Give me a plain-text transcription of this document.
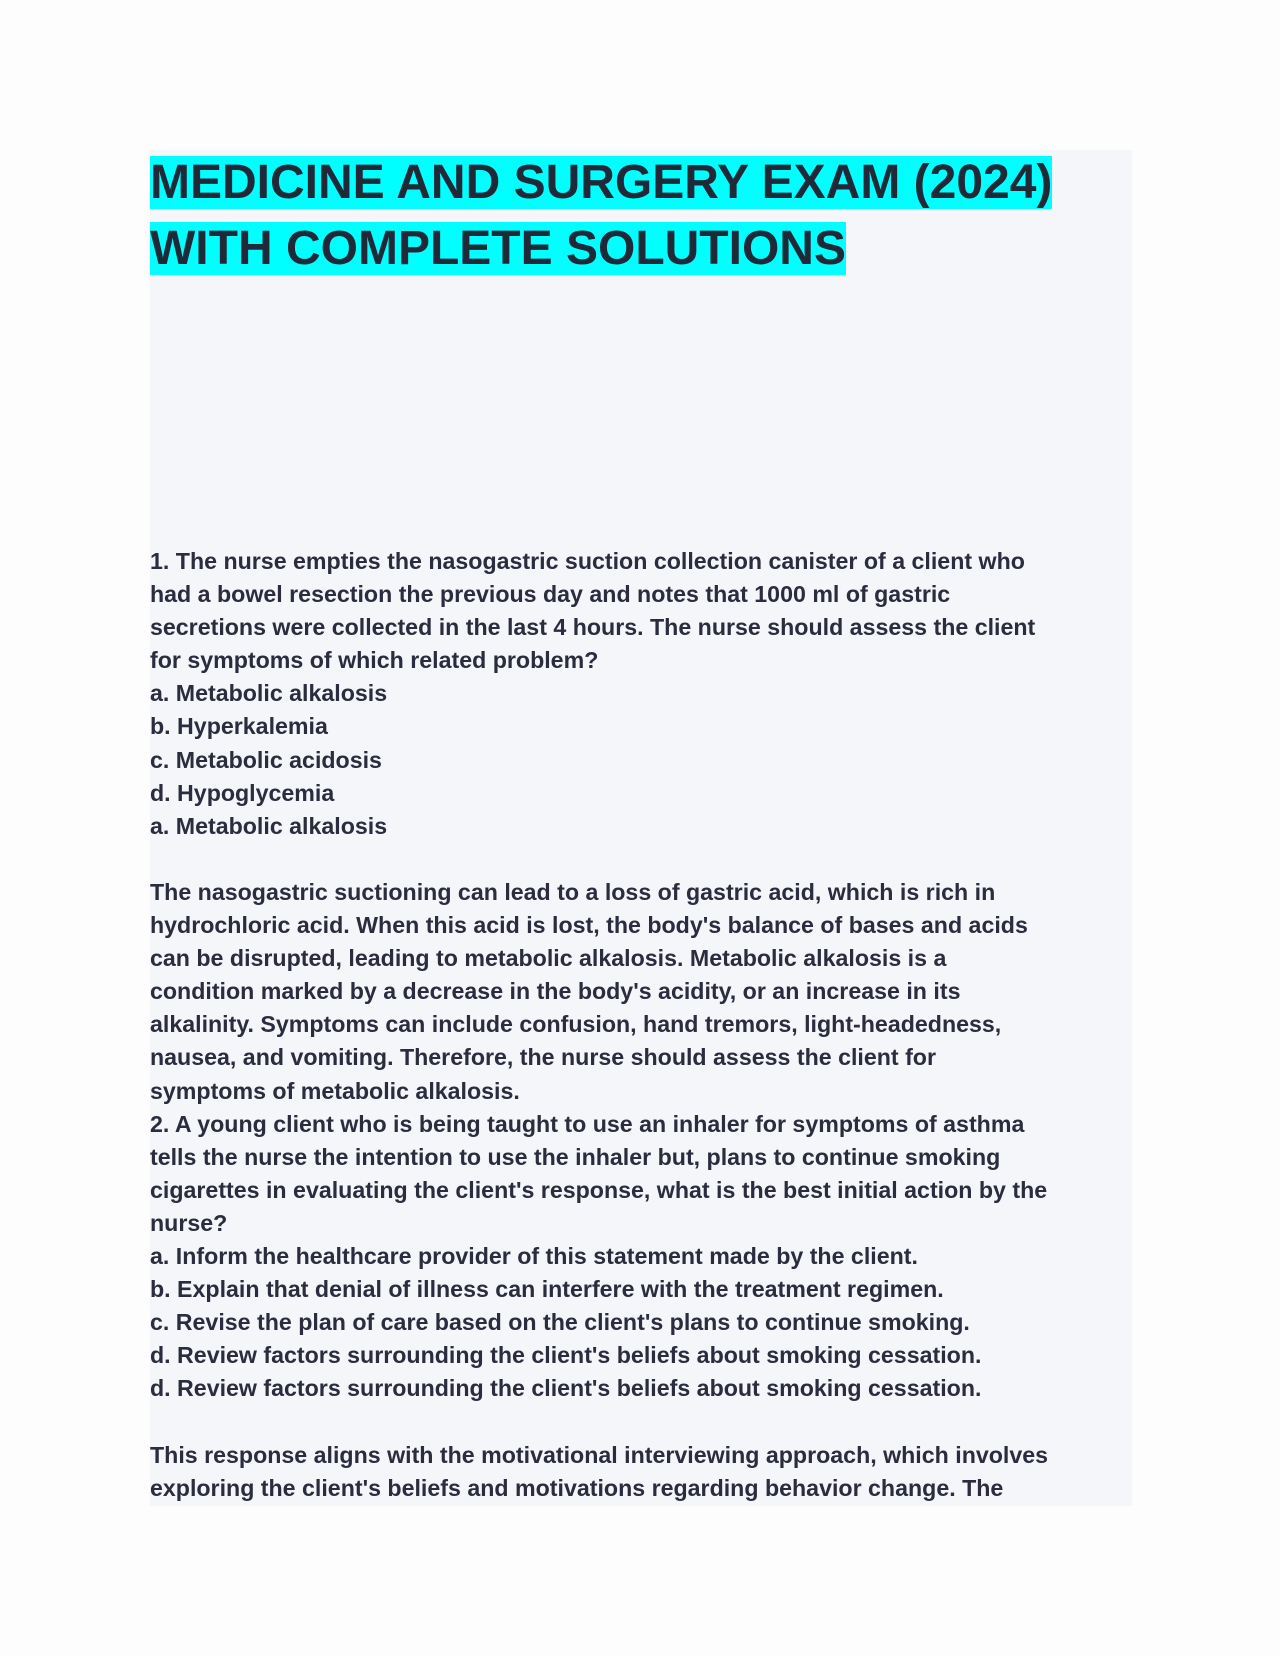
MEDICINE AND SURGERY EXAM (2024)
WITH COMPLETE SOLUTIONS

1. The nurse empties the nasogastric suction collection canister of a client who

had a bowel resection the previous day and notes that 1000 ml of gastric

secretions were collected in the last 4 hours. The nurse should assess the client

for symptoms of which related problem?

a. Metabolic alkalosis

b. Hyperkalemia

c. Metabolic acidosis

d. Hypoglycemia

a. Metabolic alkalosis

The nasogastric suctioning can lead to a loss of gastric acid, which is rich in

hydrochloric acid. When this acid is lost, the body's balance of bases and acids

can be disrupted, leading to metabolic alkalosis. Metabolic alkalosis is a

condition marked by a decrease in the body's acidity, or an increase in its

alkalinity. Symptoms can include confusion, hand tremors, light-headedness,

nausea, and vomiting. Therefore, the nurse should assess the client for

symptoms of metabolic alkalosis.

2. A young client who is being taught to use an inhaler for symptoms of asthma

tells the nurse the intention to use the inhaler but, plans to continue smoking

cigarettes in evaluating the client's response, what is the best initial action by the

nurse?

a. Inform the healthcare provider of this statement made by the client.

b. Explain that denial of illness can interfere with the treatment regimen.

c. Revise the plan of care based on the client's plans to continue smoking.

d. Review factors surrounding the client's beliefs about smoking cessation.

d. Review factors surrounding the client's beliefs about smoking cessation.

This response aligns with the motivational interviewing approach, which involves

exploring the client's beliefs and motivations regarding behavior change. The
